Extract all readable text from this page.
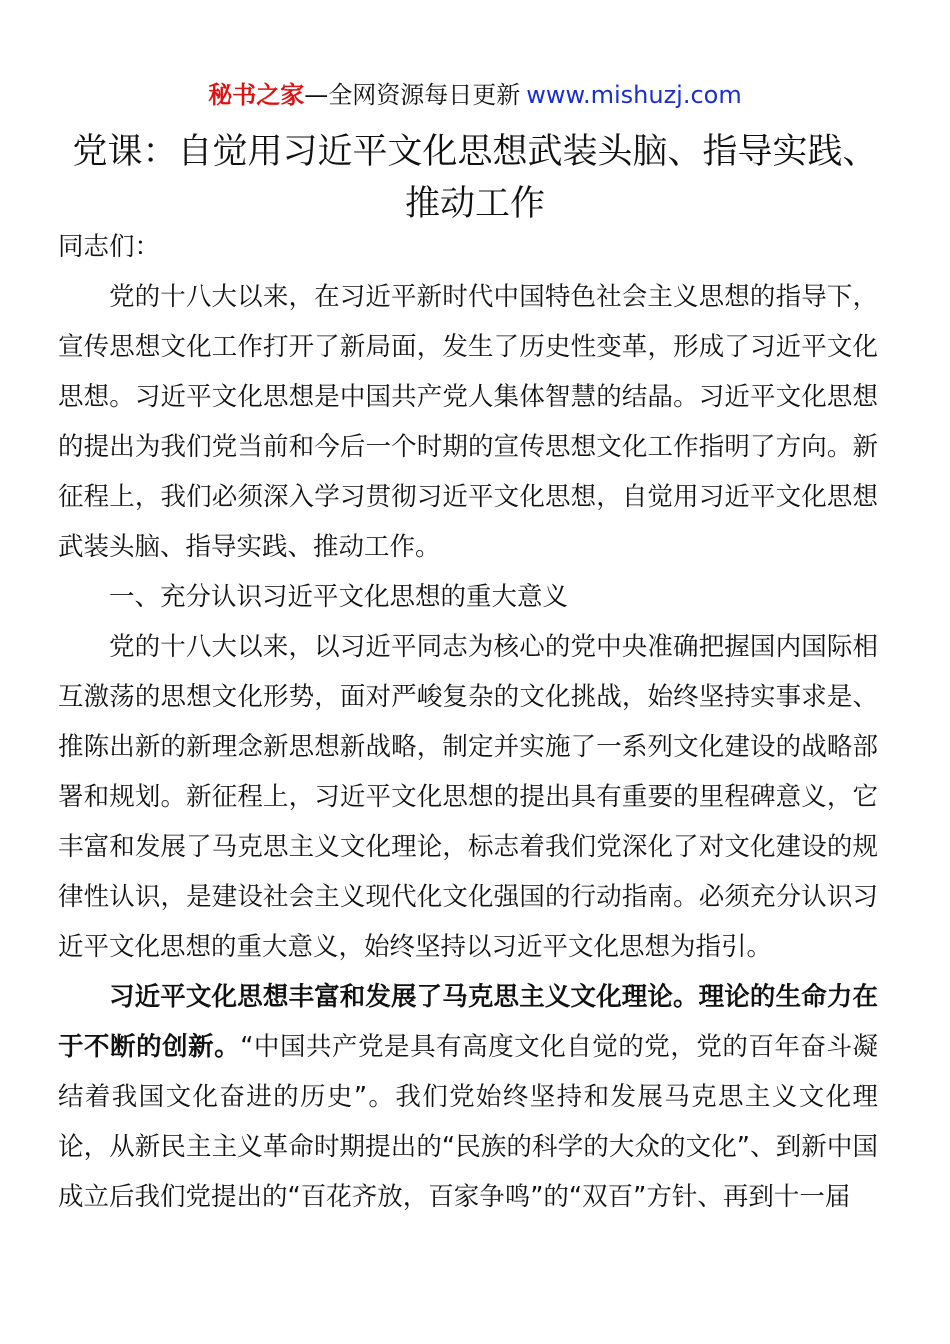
秘书之家—全网资源每日更新 www.mishuzj.com
党课：自觉用习近平文化思想武装头脑、指导实践、
推动工作

同志们：

党的十八大以来，在习近平新时代中国特色社会主义思想的指导下，宣传思想文化工作打开了新局面，发生了历史性变革，形成了习近平文化思想。习近平文化思想是中国共产党人集体智慧的结晶。习近平文化思想的提出为我们党当前和今后一个时期的宣传思想文化工作指明了方向。新征程上，我们必须深入学习贯彻习近平文化思想，自觉用习近平文化思想武装头脑、指导实践、推动工作。

一、充分认识习近平文化思想的重大意义

党的十八大以来，以习近平同志为核心的党中央准确把握国内国际相互激荡的思想文化形势，面对严峻复杂的文化挑战，始终坚持实事求是、推陈出新的新理念新思想新战略，制定并实施了一系列文化建设的战略部署和规划。新征程上，习近平文化思想的提出具有重要的里程碑意义，它丰富和发展了马克思主义文化理论，标志着我们党深化了对文化建设的规律性认识，是建设社会主义现代化文化强国的行动指南。必须充分认识习近平文化思想的重大意义，始终坚持以习近平文化思想为指引。

习近平文化思想丰富和发展了马克思主义文化理论。理论的生命力在于不断的创新。“中国共产党是具有高度文化自觉的党，党的百年奋斗凝结着我国文化奋进的历史”。我们党始终坚持和发展马克思主义文化理论，从新民主主义革命时期提出的“民族的科学的大众的文化”、到新中国成立后我们党提出的“百花齐放，百家争鸣”的“双百”方针、再到十一届
